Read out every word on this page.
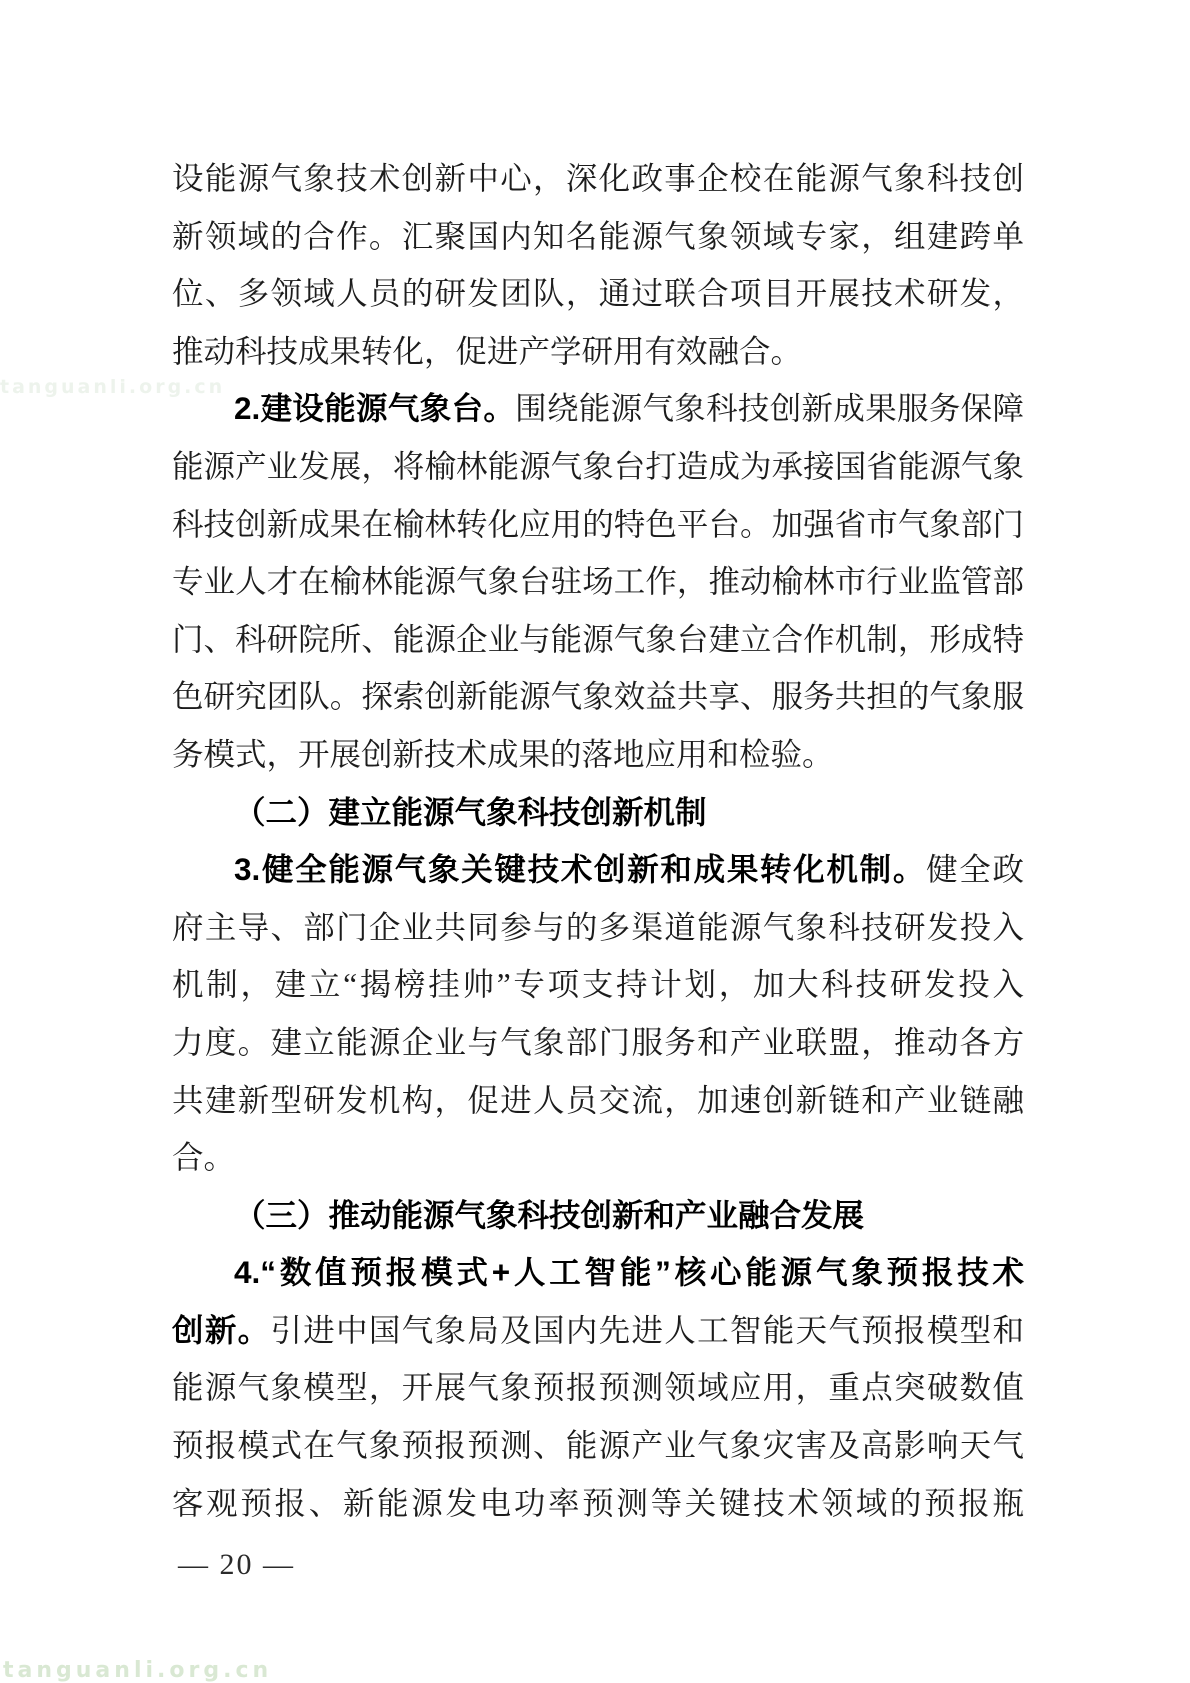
设能源气象技术创新中心，深化政事企校在能源气象科技创
新领域的合作。汇聚国内知名能源气象领域专家，组建跨单
位、多领域人员的研发团队，通过联合项目开展技术研发，
推动科技成果转化，促进产学研用有效融合。
2.建设能源气象台。围绕能源气象科技创新成果服务保障
能源产业发展，将榆林能源气象台打造成为承接国省能源气象
科技创新成果在榆林转化应用的特色平台。加强省市气象部门
专业人才在榆林能源气象台驻场工作，推动榆林市行业监管部
门、科研院所、能源企业与能源气象台建立合作机制，形成特
色研究团队。探索创新能源气象效益共享、服务共担的气象服
务模式，开展创新技术成果的落地应用和检验。
（二）建立能源气象科技创新机制
3.健全能源气象关键技术创新和成果转化机制。健全政
府主导、部门企业共同参与的多渠道能源气象科技研发投入
机制，建立“揭榜挂帅”专项支持计划，加大科技研发投入
力度。建立能源企业与气象部门服务和产业联盟，推动各方
共建新型研发机构，促进人员交流，加速创新链和产业链融
合。
（三）推动能源气象科技创新和产业融合发展
4.“数值预报模式+人工智能”核心能源气象预报技术
创新。引进中国气象局及国内先进人工智能天气预报模型和
能源气象模型，开展气象预报预测领域应用，重点突破数值
预报模式在气象预报预测、能源产业气象灾害及高影响天气
客观预报、新能源发电功率预测等关键技术领域的预报瓶
— 20 —
tanguanli.org.cn
tanguanli.org.cn
